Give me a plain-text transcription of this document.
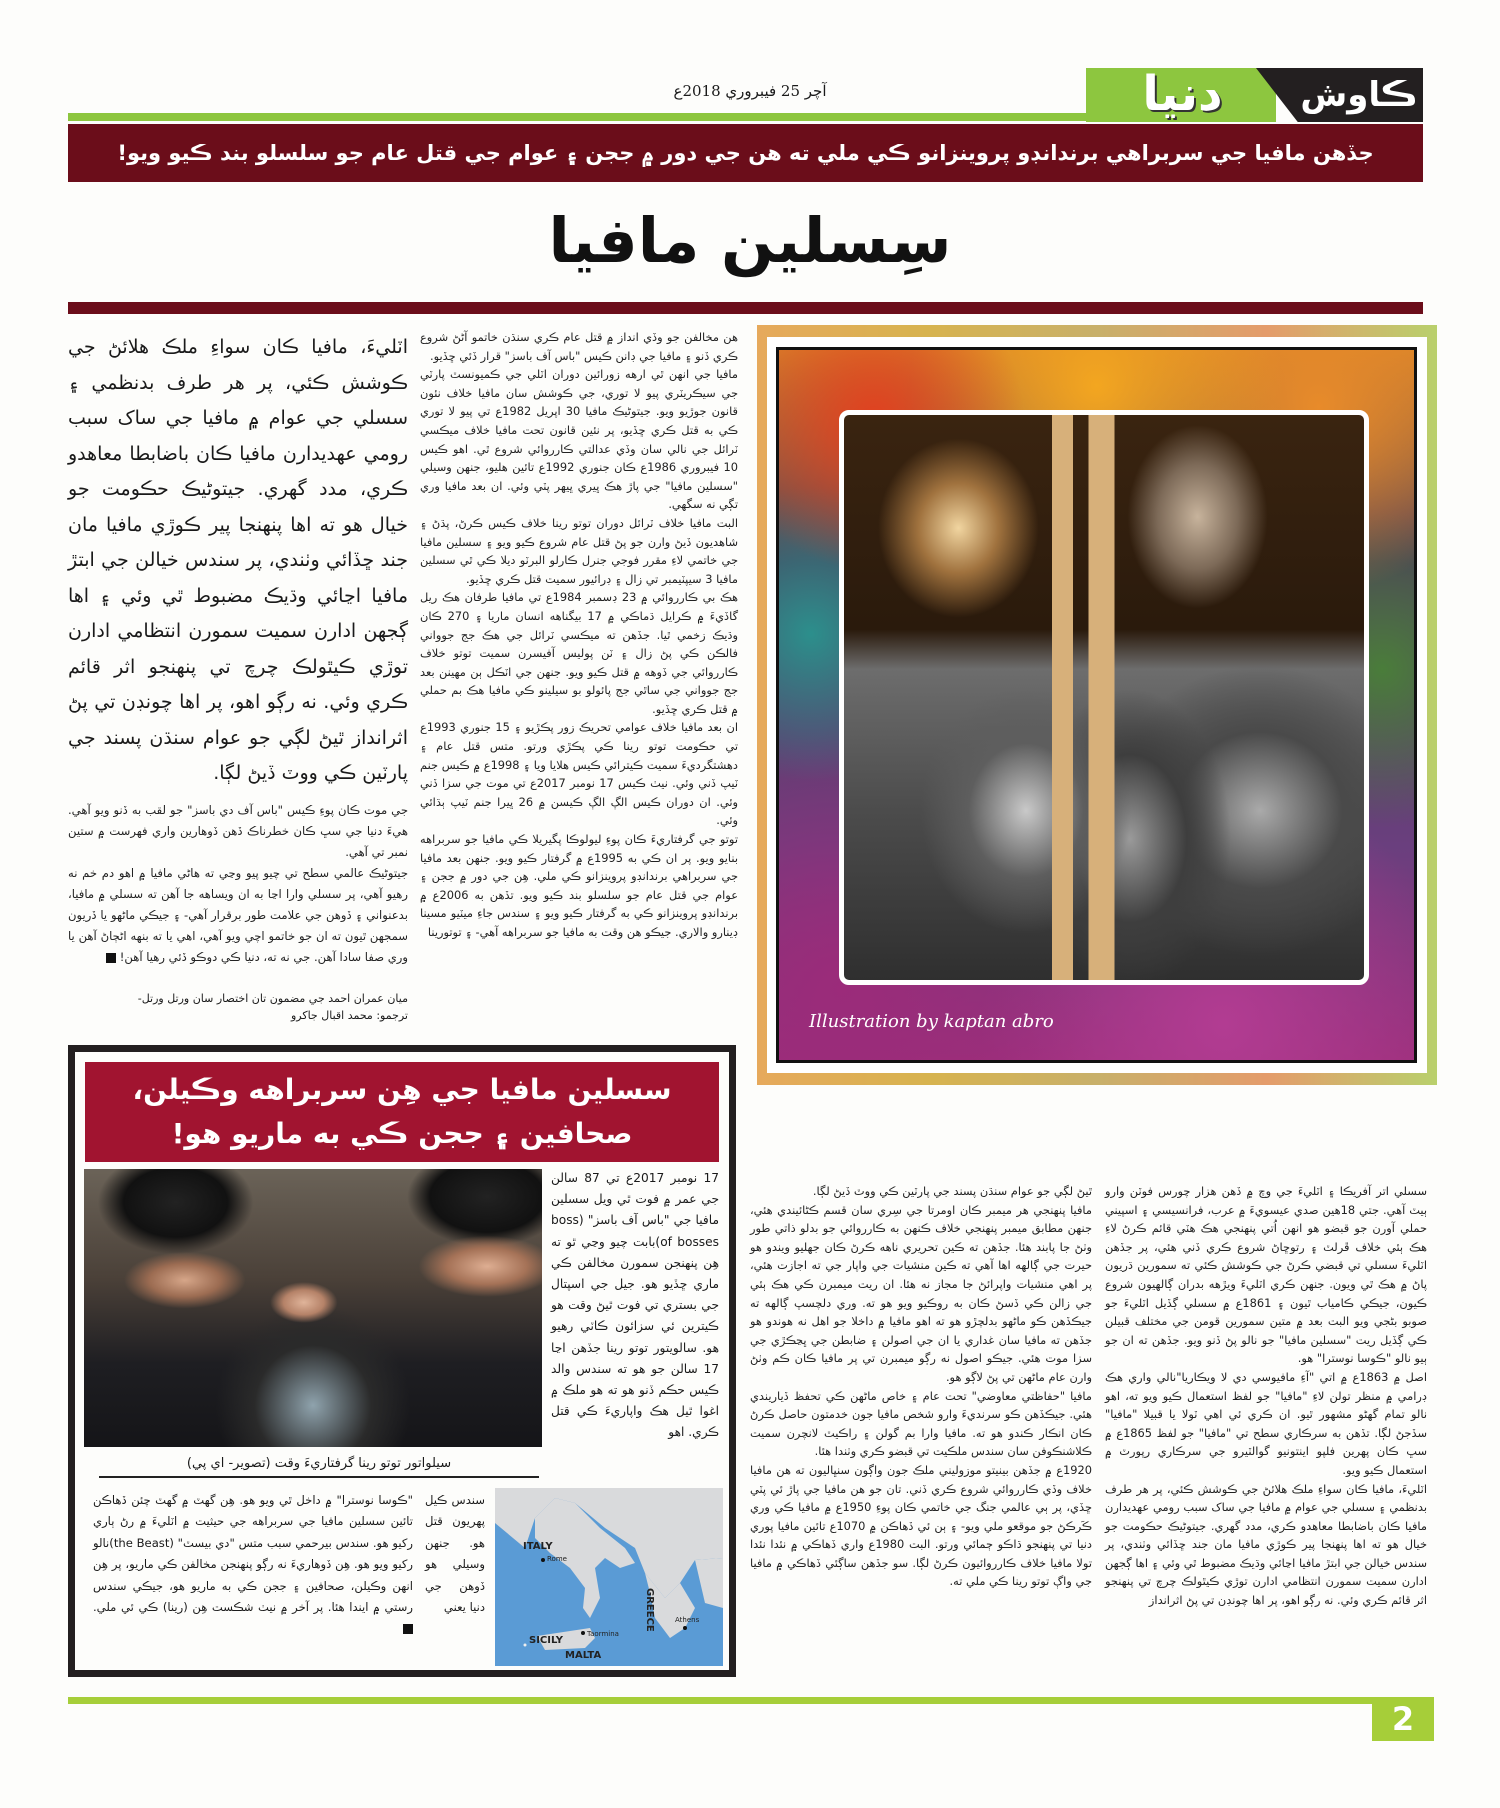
دنيا	ڪاوش
آچر 25 فيبروري 2018ع
جڏهن مافيا جي سربراهي برندانڊو پروينزانو ڪي ملي ته هن جي دور ۾ ججن ۽ عوام جي قتل عام جو سلسلو بند ڪيو ويو!
سِسلين مافيا
اٽليءَ، مافيا ڪان سواءِ ملڪ هلائڻ جي ڪوشش ڪئي، پر هر طرف بدنظمي ۽ سسلي جي عوام ۾ مافيا جي ساک سبب رومي عهديدارن مافيا ڪان باضابطا معاهدو ڪري، مدد گهري. جيتوڻيڪ حڪومت جو خيال هو ته اها پنهنجا پير ڪوڙي مافيا مان جند ڇڏائي وٺندي، پر سندس خيالن جي ابتڙ مافيا اڃائي وڌيڪ مضبوط ٿي وئي ۽ اها ڳجهن ادارن سميت سمورن انتظامي ادارن توڙي ڪيٿولڪ چرچ تي پنهنجو اثر قائم ڪري وئي. نه رڳو اهو، پر اها چونڊن تي پڻ اثرانداز ٿيڻ لڳي جو عوام سنڌن پسند جي پارٽين ڪي ووٽ ڏيڻ لڳا.

جي موت ڪان پوءِ ڪيس "باس آف دي باسز" جو لقب به ڏنو ويو آهي. هيءَ دنيا جي سڀ ڪان خطرناڪ ڏهن ڏوهارين واري فهرست ۾ ستين نمبر تي آهي.

جيتوڻيڪ عالمي سطح تي چيو پيو وڃي ته هاڻي مافيا ۾ اهو دم خم نه رهيو آهي، پر سسلي وارا اڃا به ان ويساهه جا آهن ته سسلي ۾ مافيا، بدعنواني ۽ ڏوهن جي علامت طور برقرار آهي- ۽ جيڪي ماڻهو يا ڏريون سمجهن ٿيون ته ان جو خاتمو اچي ويو آهي، اهي يا ته بنهه اڻڄاڻ آهن يا وري صفا سادا آهن. جي نه ته، دنيا ڪي دوڪو ڏئي رهيا آهن!

ميان عمران احمد جي مضمون تان اختصار سان ورتل ورتل-
ترجمو: محمد اقبال جاکرو

هن مخالفن جو وڏي انداز ۾ قتل عام ڪري سنڌن خاتمو آڻڻ شروع ڪري ڏنو ۽ مافيا جي ڊانن ڪيس "باس آف باسز" قرار ڏئي ڇڏيو.

مافيا جي انهن ٿي ارهه زورائين دوران اٽلي جي ڪميونسٽ پارٽي جي سيڪريٽري پيو لا توري، جي ڪوشش سان مافيا خلاف نئون قانون جوڙيو ويو. جيتوڻيڪ مافيا 30 اپريل 1982ع تي پيو لا توري ڪي به قتل ڪري ڇڏيو، پر نئين قانون تحت مافيا خلاف ميڪسي ٽرائل جي نالي سان وڏي عدالتي ڪارروائي شروع ٿي. اهو ڪيس 10 فيبروري 1986ع ڪان جنوري 1992ع تائين هليو، جنهن وسيلي "سسلين مافيا" جي پاڙ هڪ ڀيري ڀيهر پٽي وئي. ان بعد مافيا وري تڳي نه سگهي.

البت مافيا خلاف ٽرائل دوران توتو رينا خلاف ڪيس ڪرڻ، پڌڻ ۽ شاهديون ڏيڻ وارن جو پڻ قتل عام شروع ڪيو ويو ۽ سسلين مافيا جي خاتمي لاءِ مقرر فوجي جنرل ڪارلو البرٽو ديلا ڪي ٿي سسلين مافيا 3 سيپٽيمبر تي زال ۽ ڊرائيور سميت قتل ڪري ڇڏيو.

هڪ بي ڪارروائي ۾ 23 ڊسمبر 1984ع تي مافيا طرفان هڪ ريل گاڏيءَ ۾ ڪرايل ڌماڪي ۾ 17 بيگناهه انسان ماريا ۽ 270 ڪان وڌيڪ زخمي ٿيا. جڏهن ته ميڪسي ٽرائل جي هڪ جج جوواني فالڪن ڪي پڻ زال ۽ ٽن پوليس آفيسرن سميت توتو خلاف ڪارروائي جي ڏوهه ۾ قتل ڪيو ويو. جنهن جي اٽڪل ٻن مهينن بعد جج جوواني جي ساٿي جج پائولو بو سيلينو ڪي مافيا هڪ بم حملي ۾ قتل ڪري ڇڏيو.

ان بعد مافيا خلاف عوامي تحريڪ زور پڪڙيو ۽ 15 جنوري 1993ع تي حڪومت توتو رينا ڪي پڪڙي ورتو. متس قتل عام ۽ دهشتگرديءَ سميت ڪيترائي ڪيس هلايا ويا ۽ 1998ع ۾ ڪيس جنم ٽيپ ڏني وئي. نيٺ ڪيس 17 نومبر 2017ع تي موت جي سزا ڏني وئي. ان دوران ڪيس الڳ الڳ ڪيسن ۾ 26 ڀيرا جنم ٽيپ ٻڌائي وئي.

توتو جي گرفتاريءَ ڪان پوءِ ليولوڪا پگيريلا ڪي مافيا جو سربراهه بنايو ويو. پر ان ڪي به 1995ع ۾ گرفتار ڪيو ويو. جنهن بعد مافيا جي سربراهي برندانڊو پروينزانو ڪي ملي. هِن جي دور ۾ ججن ۽ عوام جي قتل عام جو سلسلو بند ڪيو ويو. تڏهن به 2006ع ۾ برندانڊو پروينزانو ڪي به گرفتار ڪيو ويو ۽ سندس جاءِ ميٽيو مسينا ڊينارو والاري. جيڪو هن وقت به مافيا جو سربراهه آهي- ۽ توتورينا

Illustration by kaptan abro
سسلين مافيا جي هِن سربراهه وڪيلن،
صحافين ۽ ججن ڪي به ماريو هو!
سيلواتور توتو رينا گرفتاريءَ وقت (تصوير- اي پي)
17 نومبر 2017ع تي 87 سالن جي عمر ۾ فوت ٿي ويل سسلين مافيا جي "باس آف باسز" (boss of bosses)بابت چيو وڃي ٿو ته هِن پنهنجن سمورن مخالفن ڪي ماري ڇڏيو هو. جيل جي اسپتال جي بستري تي فوت ٿيڻ وقت هو ڪيترين ئي سزائون ڪاٽي رهيو هو. سالويتور توتو رينا جڏهن اڃا 17 سالن جو هو ته سندس والد ڪيس حڪم ڏنو هو ته هو ملڪ ۾ اغوا ٿيل هڪ واپاريءَ ڪي قتل ڪري. اهو
"ڪوسا نوسترا" ۾ داخل ٿي ويو هو. هِن گهٽ ۾ گهٽ چئن ڏهاڪن تائين سسلين مافيا جي سربراهه جي حيثيت ۾ اٽليءَ ۾ رڻ ٻاري رکيو هو. سندس بيرحمي سبب متس "دي بيسٽ" (the Beast)نالو رکيو ويو هو. هِن ڏوهاريءَ نه رڳو پنهنجن مخالفن ڪي ماريو، پر هِن انهن وڪيلن، صحافين ۽ ججن ڪي به ماريو هو، جيڪي سندس رستي ۾ ايندا هئا. پر آخر ۾ نيٺ شڪست هِن (رينا) ڪي ئي ملي.
سندس ڪيل پهريون قتل هو. جنهن وسيلي هو ڏوهن جي دنيا يعني
ITALY
Rome
SICILY
Taormina
MALTA
GREECE	Athens

ٿيڻ لڳي جو عوام سنڌن پسند جي پارٽين ڪي ووٽ ڏيڻ لڳا.

مافيا پنهنجي هر ميمبر ڪان اومرتا جي سِري سان قسم ڪڻائيندي هئي، جنهن مطابق ميمبر پنهنجي خلاف ڪنهن به ڪارروائي جو بدلو ذاتي طور وٺڻ جا پابند هئا. جڏهن ته ڪين تحريري ناهه ڪرڻ ڪان جهليو ويندو هو حيرت جي ڳالهه اها آهي ته ڪين منشيات جي واپار جي ته اجازت هئي، پر اهي منشيات واپرائڻ جا مجاز نه هئا. ان ريت ميمبرن ڪي هڪ ٻئي جي زالن ڪي ڏسڻ ڪان به روڪيو ويو هو ته. وري دلچسپ ڳالهه ته جيڪڏهن ڪو ماڻهو بدلچڙو هو ته اهو مافيا ۾ داخلا جو اهل نه هوندو هو جڏهن ته مافيا سان غداري يا ان جي اصولن ۽ ضابطن جي ڀڃڪڙي جي سزا موت هئي. جيڪو اصول نه رڳو ميمبرن تي پر مافيا ڪان ڪم وٺڻ وارن عام ماڻهن تي پڻ لاڳو هو.

مافيا "حفاظتي معاوضي" تحت عام ۽ خاص ماڻهن ڪي تحفظ ڏياريندي هئي. جيڪڏهن ڪو سرنديءَ وارو شخص مافيا جون خدمتون حاصل ڪرڻ ڪان انڪار ڪندو هو ته. مافيا وارا بم گولن ۽ راڪيٽ لانچرن سميت ڪلاشنڪوفن سان سندس ملڪيت تي قبضو ڪري وٺندا هئا.

1920ع ۾ جڏهن بينيتو موزوليني ملڪ جون واڳون سنڀاليون ته هن مافيا خلاف وڏي ڪارروائي شروع ڪري ڏني. تان جو هن مافيا جي پاڙ ئي پٽي ڇڏي، پر ٻي عالمي جنگ جي خاتمي ڪان پوءِ 1950ع ۾ مافيا ڪي وري ڪَرڪڻ جو موقعو ملي ويو- ۽ ٻن ئي ڏهاڪن ۾ 1070ع تائين مافيا پوري دنيا تي پنهنجو ڌاڪو ڄمائي ورتو. البت 1980ع واري ڏهاڪي ۾ نئدا نئدا تولا مافيا خلاف ڪارروائيون ڪرڻ لڳا. سو جڏهن ساڳئي ڏهاڪي ۾ مافيا جي واڳ توتو رينا ڪي ملي ته.

سسلي اتر آفريڪا ۽ اٽليءَ جي وچ ۾ ڏهن هزار چورس فوٽن وارو ٻيٽ آهي. جتي 18هين صدي عيسويءَ ۾ عرب، فرانسيسي ۽ اسپيني حملي آورن جو قبضو هو انهن اُتي پنهنجي هڪ هٽي قائم ڪرڻ لاءِ هڪ ٻئي خلاف ڦرلٽ ۽ رتوڇاڻ شروع ڪري ڏني هئي، پر جڏهن اٽليءَ سسلي تي قبضي ڪرڻ جي ڪوشش ڪئي ته سمورين ڌريون پاڻ ۾ هڪ ٿي ويون. جنهن ڪري اٽليءَ ويڙهه بدران ڳالهيون شروع ڪيون، جيڪي ڪامياب ٿيون ۽ 1861ع ۾ سسلي ڳڏيل اٽليءَ جو صوبو بڻجي ويو البت بعد ۾ متين سمورين قومن جي مختلف قبيلن ڪي ڳڏيل ريت "سسلين مافيا" جو نالو پڻ ڏنو ويو. جڏهن ته ان جو ٻيو نالو "ڪوسا نوسترا" هو.

اصل ۾ 1863ع ۾ اتي "آءِ مافيوسي دي لا ويڪاريا"نالي واري هڪ ڊرامي ۾ منظر تولن لاءِ "مافيا" جو لفظ استعمال ڪيو ويو ته، اهو نالو تمام گهڻو مشهور ٿيو. ان ڪري ئي اهي ٽولا يا قبيلا "مافيا" سڏجڻ لڳا. تڏهن به سرڪاري سطح تي "مافيا" جو لفظ 1865ع ۾ سڀ ڪان پهرين فلپو اينتونيو گوالٽيرو جي سرڪاري رپورٽ ۾ استعمال ڪيو ويو.

اٽليءَ، مافيا ڪان سواءِ ملڪ هلائڻ جي ڪوشش ڪئي، پر هر طرف بدنظمي ۽ سسلي جي عوام ۾ مافيا جي ساک سبب رومي عهديدارن مافيا ڪان باضابطا معاهدو ڪري، مدد گهري. جيتوڻيڪ حڪومت جو خيال هو ته اها پنهنجا پير ڪوڙي مافيا مان جند ڇڏائي وٺندي، پر سندس خيالن جي ابتڙ مافيا اڃائي وڌيڪ مضبوط ٿي وئي ۽ اها ڳجهن ادارن سميت سمورن انتظامي ادارن توڙي ڪيٿولڪ چرچ تي پنهنجو اثر قائم ڪري وئي. نه رڳو اهو، پر اها چونڊن تي پڻ اثرانداز

2
